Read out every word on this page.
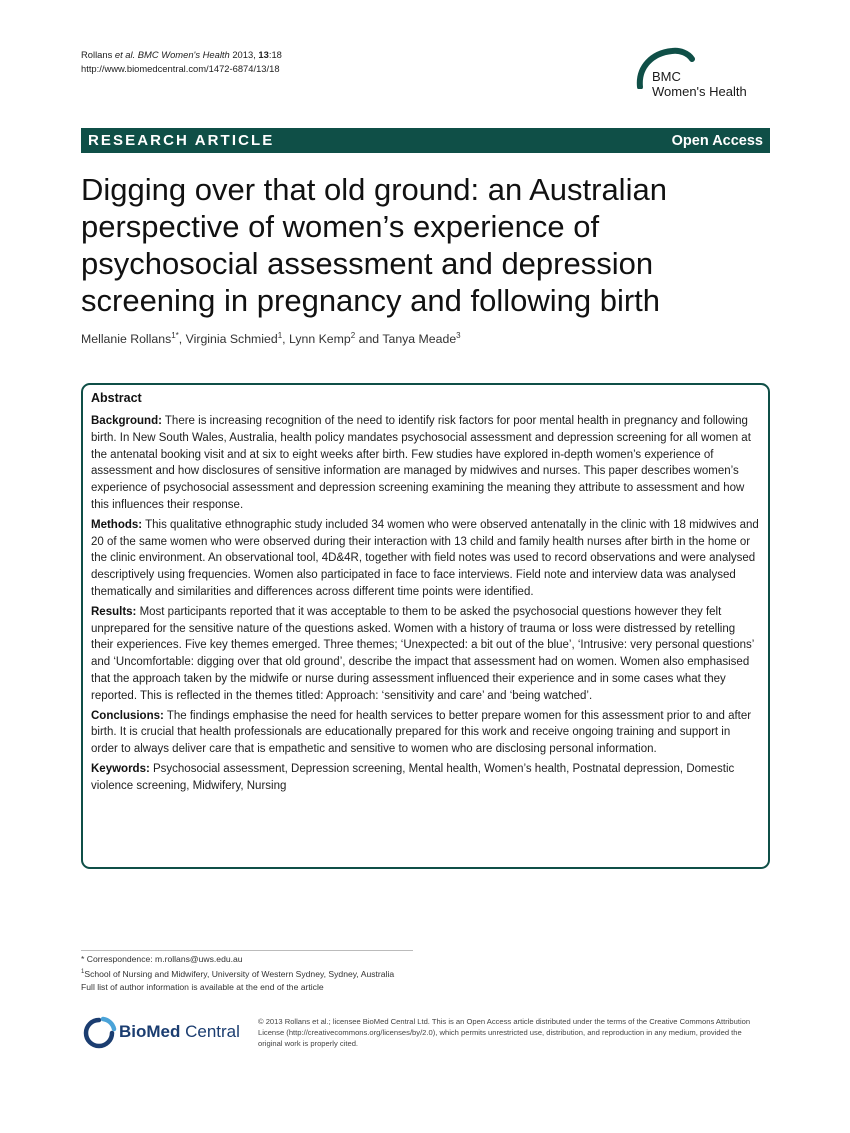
Rollans et al. BMC Women's Health 2013, 13:18
http://www.biomedcentral.com/1472-6874/13/18
BMC
Women's Health
RESEARCH ARTICLE	Open Access
Digging over that old ground: an Australian perspective of women’s experience of psychosocial assessment and depression screening in pregnancy and following birth
Mellanie Rollans$^{1*}$, Virginia Schmied$^1$, Lynn Kemp$^2$ and Tanya Meade$^3$
Abstract

Background: There is increasing recognition of the need to identify risk factors for poor mental health in pregnancy and following birth. In New South Wales, Australia, health policy mandates psychosocial assessment and depression screening for all women at the antenatal booking visit and at six to eight weeks after birth. Few studies have explored in-depth women’s experience of assessment and how disclosures of sensitive information are managed by midwives and nurses. This paper describes women’s experience of psychosocial assessment and depression screening examining the meaning they attribute to assessment and how this influences their response.

Methods: This qualitative ethnographic study included 34 women who were observed antenatally in the clinic with 18 midwives and 20 of the same women who were observed during their interaction with 13 child and family health nurses after birth in the home or the clinic environment. An observational tool, 4D&4R, together with field notes was used to record observations and were analysed descriptively using frequencies. Women also participated in face to face interviews. Field note and interview data was analysed thematically and similarities and differences across different time points were identified.

Results: Most participants reported that it was acceptable to them to be asked the psychosocial questions however they felt unprepared for the sensitive nature of the questions asked. Women with a history of trauma or loss were distressed by retelling their experiences. Five key themes emerged. Three themes; ‘Unexpected: a bit out of the blue’, ‘Intrusive: very personal questions’ and ‘Uncomfortable: digging over that old ground’, describe the impact that assessment had on women. Women also emphasised that the approach taken by the midwife or nurse during assessment influenced their experience and in some cases what they reported. This is reflected in the themes titled: Approach: ‘sensitivity and care’ and ‘being watched’.

Conclusions: The findings emphasise the need for health services to better prepare women for this assessment prior to and after birth. It is crucial that health professionals are educationally prepared for this work and receive ongoing training and support in order to always deliver care that is empathetic and sensitive to women who are disclosing personal information.

Keywords: Psychosocial assessment, Depression screening, Mental health, Women’s health, Postnatal depression, Domestic violence screening, Midwifery, Nursing

* Correspondence: m.rollans@uws.edu.au
$^1$School of Nursing and Midwifery, University of Western Sydney, Sydney, Australia
Full list of author information is available at the end of the article
BioMed Central
© 2013 Rollans et al.; licensee BioMed Central Ltd. This is an Open Access article distributed under the terms of the Creative Commons Attribution License (http://creativecommons.org/licenses/by/2.0), which permits unrestricted use, distribution, and reproduction in any medium, provided the original work is properly cited.
